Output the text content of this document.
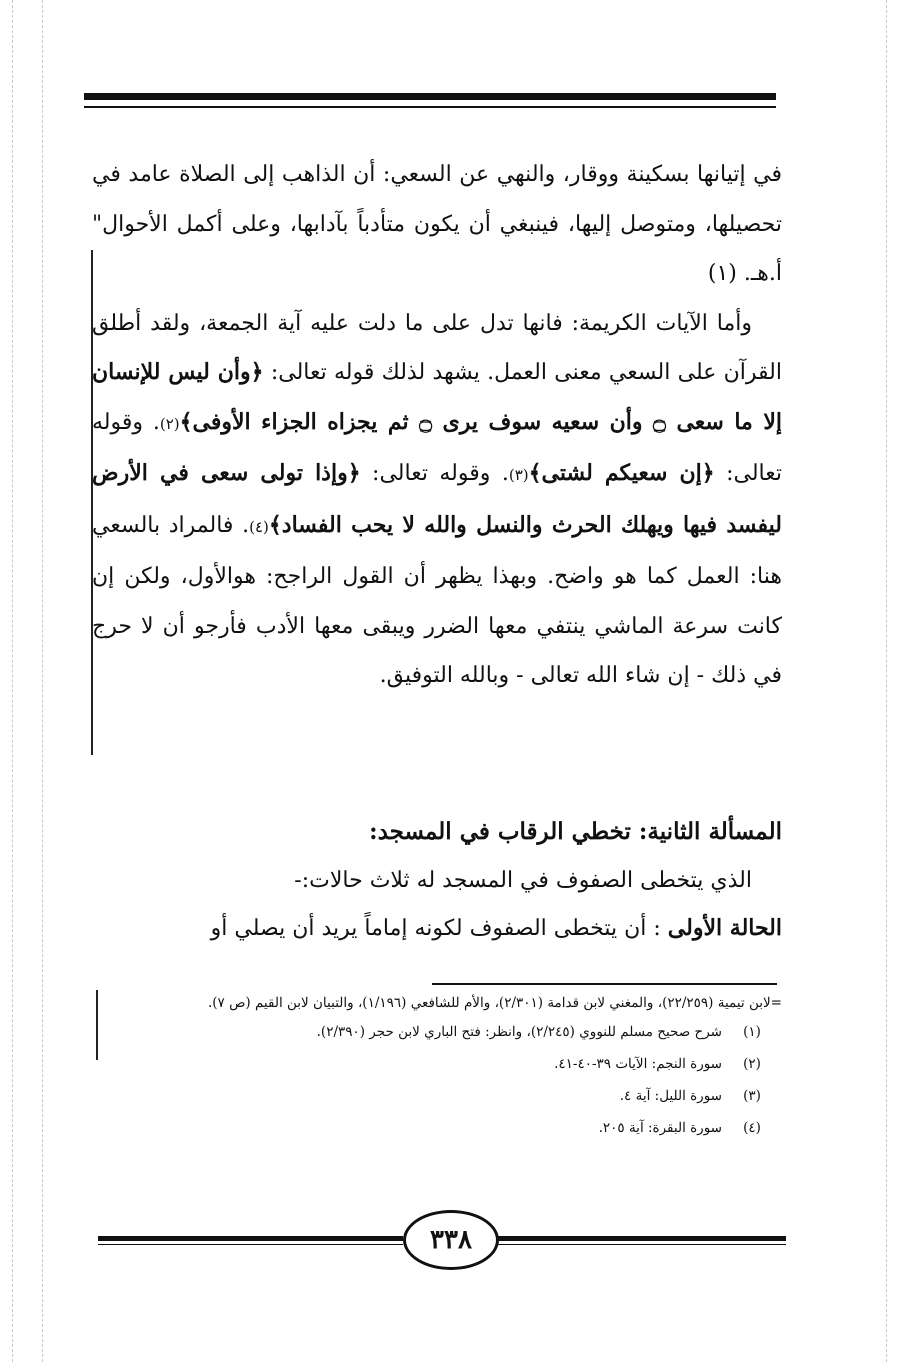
في إتيانها بسكينة ووقار، والنهي عن السعي: أن الذاهب إلى الصلاة عامد في تحصيلها، ومتوصل إليها، فينبغي أن يكون متأدباً بآدابها، وعلى أكمل الأحوال" أ.هـ. (١)

وأما الآيات الكريمة: فانها تدل على ما دلت عليه آية الجمعة، ولقد أطلق القرآن على السعي معنى العمل. يشهد لذلك قوله تعالى: ﴿وأن ليس للإنسان إلا ما سعى ۝ وأن سعيه سوف يرى ۝ ثم يجزاه الجزاء الأوفى﴾(٢). وقوله تعالى: ﴿إن سعيكم لشتى﴾(٣). وقوله تعالى: ﴿وإذا تولى سعى في الأرض ليفسد فيها ويهلك الحرث والنسل والله لا يحب الفساد﴾(٤). فالمراد بالسعي هنا: العمل كما هو واضح. وبهذا يظهر أن القول الراجح: هوالأول، ولكن إن كانت سرعة الماشي ينتفي معها الضرر ويبقى معها الأدب فأرجو أن لا حرج في ذلك - إن شاء الله تعالى - وبالله التوفيق.

المسألة الثانية: تخطي الرقاب في المسجد:
الذي يتخطى الصفوف في المسجد له ثلاث حالات:-
الحالة الأولى : أن يتخطى الصفوف لكونه إماماً يريد أن يصلي أو

=لابن تيمية (٢٢/٢٥٩)، والمغني لابن قدامة (٢/٣٠١)، والأم للشافعي (١/١٩٦)، والتبيان لابن القيم (ص ٧).

(١)
شرح صحيح مسلم للنووي (٢/٢٤٥)، وانظر: فتح الباري لابن حجر (٢/٣٩٠).
(٢)
سورة النجم: الآيات ٣٩-٤٠-٤١.
(٣)
سورة الليل: آية ٤.
(٤)
سورة البقرة: آية ٢٠٥.
٣٣٨
